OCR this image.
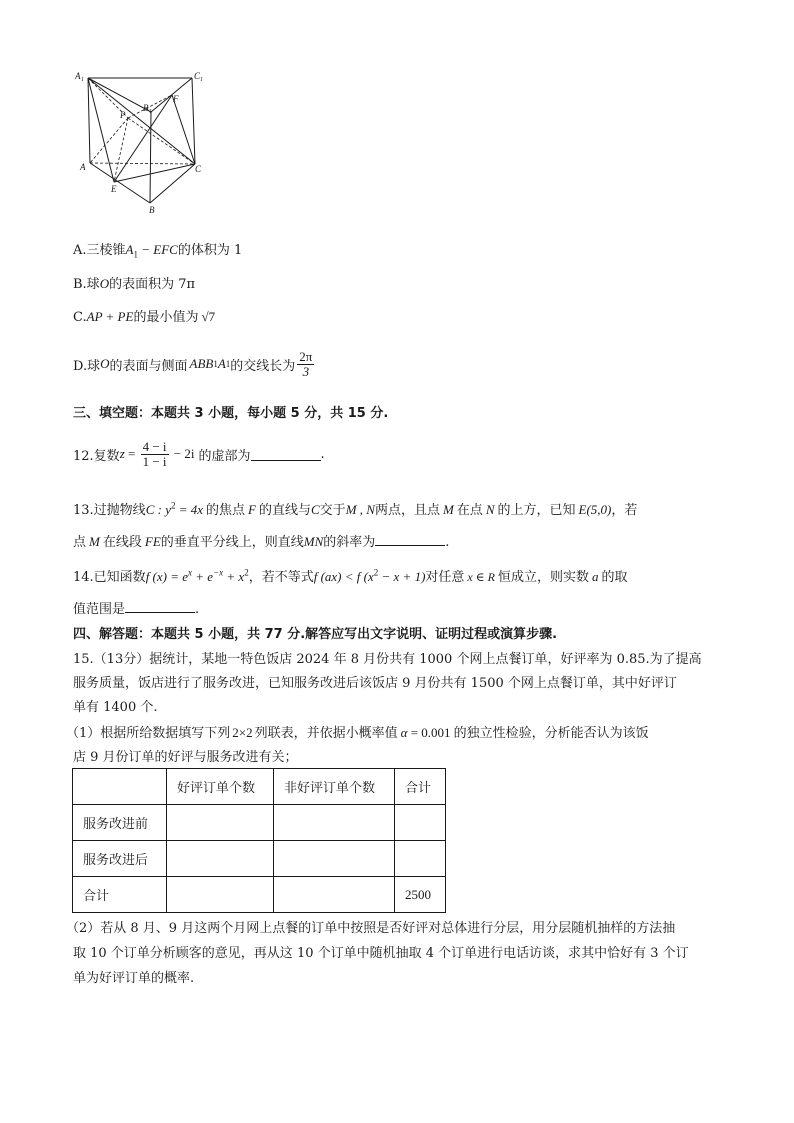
A 1	C 1
B 1
F
P
A	C
E
B
A.三棱锥$A_1$ − EFC的体积为 1
B.球O的表面积为 7π
C.AP + PE的最小值为 √7
D.球 O 的表面与侧面 ABB 1 A 1 的交线长为 $\frac{2\pi}{3}$
三、填空题：本题共 3 小题，每小题 5 分，共 15 分.
12.复数 $z = \frac{4 - i}{1 - i} - 2i$ 的虚部为	.
13.过抛物线C : $y^2 = 4x$ 的焦点 F 的直线与C交于M , N两点，且点 M 在点 N 的上方，已知 E(5,0)，若
点 M 在线段 FE的垂直平分线上，则直线MN的斜率为	.
14.已知函数f $(x) = e^x + e^{-x} + x^2$，若不等式f (ax) < f $(x^2 - x + 1)$对任意 x ∈ R 恒成立，则实数 a 的取
值范围是	.
四、解答题：本题共 5 小题，共 77 分.解答应写出文字说明、证明过程或演算步骤.
15.（13分）据统计，某地一特色饭店 2024 年 8 月份共有 1000 个网上点餐订单，好评率为 0.85.为了提高
服务质量，饭店进行了服务改进，已知服务改进后该饭店 9 月份共有 1500 个网上点餐订单，其中好评订
单有 1400 个.
（1）根据所给数据填写下列 2×2 列联表，并依据小概率值 α = 0.001 的独立性检验，分析能否认为该饭
店 9 月份订单的好评与服务改进有关；
	好评订单个数	非好评订单个数	合计
服务改进前			
服务改进后			
合计			2500
（2）若从 8 月、9 月这两个月网上点餐的订单中按照是否好评对总体进行分层，用分层随机抽样的方法抽
取 10 个订单分析顾客的意见，再从这 10 个订单中随机抽取 4 个订单进行电话访谈，求其中恰好有 3 个订
单为好评订单的概率.
